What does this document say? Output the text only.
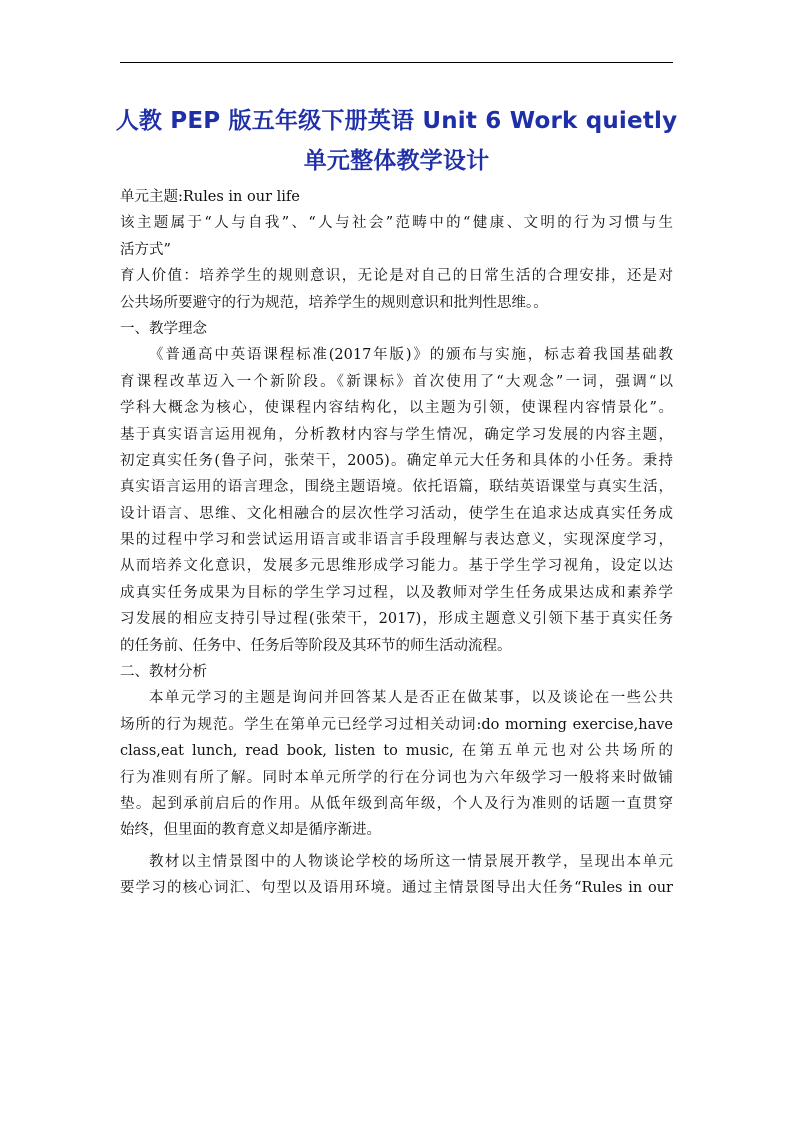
人教 PEP 版五年级下册英语 Unit 6 Work quietly
单元整体教学设计
单元主题:Rules in our life
该主题属于“人与自我”、“人与社会”范畴中的“健康、文明的行为习惯与生
活方式”
育人价值：培养学生的规则意识，无论是对自己的日常生活的合理安排，还是对
公共场所要避守的行为规范，培养学生的规则意识和批判性思维。。
一、教学理念
《普通高中英语课程标准(2017年版)》的颁布与实施，标志着我国基础教
育课程改革迈入一个新阶段。《新课标》首次使用了“大观念”一词，强调“以
学科大概念为核心，使课程内容结构化，以主题为引领，使课程内容情景化”。
基于真实语言运用视角，分析教材内容与学生情况，确定学习发展的内容主题，
初定真实任务(鲁子问，张荣干，2005)。确定单元大任务和具体的小任务。秉持
真实语言运用的语言理念，围绕主题语境。依托语篇，联结英语课堂与真实生活，
设计语言、思维、文化相融合的层次性学习活动，使学生在追求达成真实任务成
果的过程中学习和尝试运用语言或非语言手段理解与表达意义，实现深度学习，
从而培养文化意识，发展多元思维形成学习能力。基于学生学习视角，设定以达
成真实任务成果为目标的学生学习过程，以及教师对学生任务成果达成和素养学
习发展的相应支持引导过程(张荣干，2017)，形成主题意义引领下基于真实任务
的任务前、任务中、任务后等阶段及其环节的师生活动流程。
二、教材分析
本单元学习的主题是询问并回答某人是否正在做某事，以及谈论在一些公共
场所的行为规范。学生在第单元已经学习过相关动词:do morning exercise,have
class,eat lunch, read book, listen to music, 在第五单元也对公共场所的
行为准则有所了解。同时本单元所学的行在分词也为六年级学习一般将来时做铺
垫。起到承前启后的作用。从低年级到高年级，个人及行为准则的话题一直贯穿
始终，但里面的教育意义却是循序渐进。
教材以主情景图中的人物谈论学校的场所这一情景展开教学，呈现出本单元
要学习的核心词汇、句型以及语用环境。通过主情景图导出大任务“Rules in our
